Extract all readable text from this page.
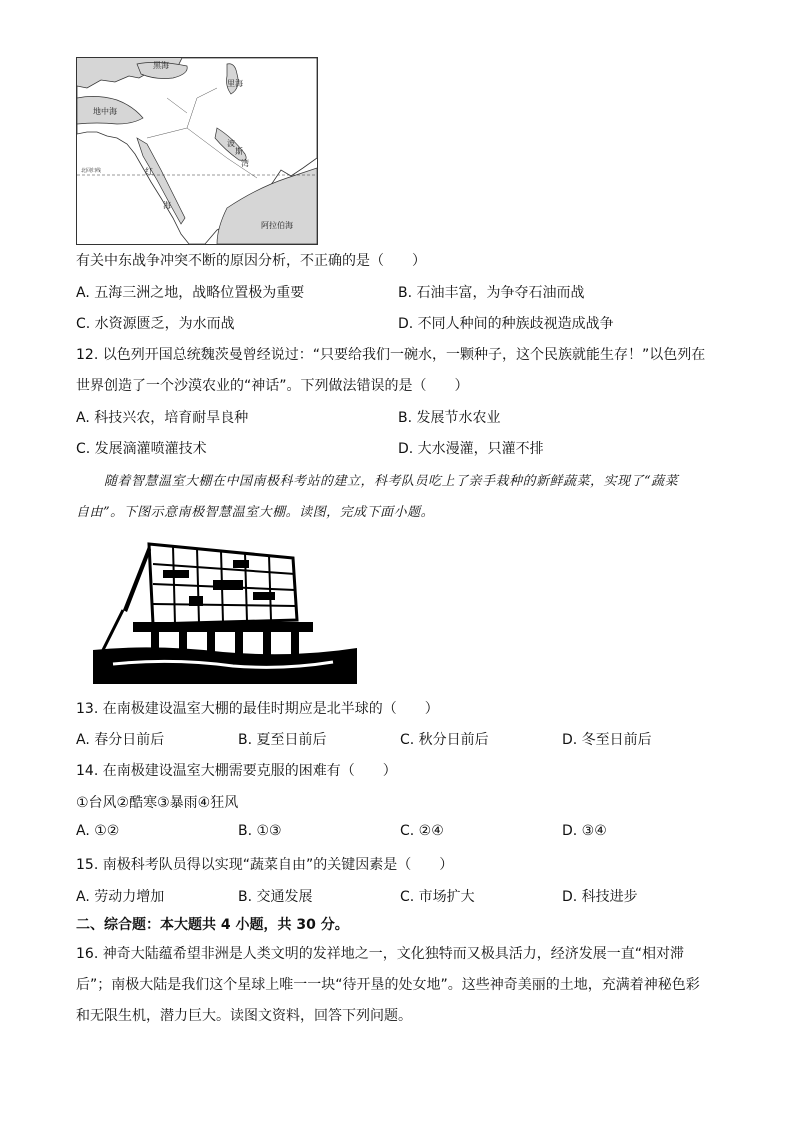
黑海
里海
地中海
波
斯
湾
红
海
阿拉伯海
北回归线
有关中东战争冲突不断的原因分析，不正确的是（　　）
A. 五海三洲之地，战略位置极为重要	B. 石油丰富，为争夺石油而战
C. 水资源匮乏，为水而战	D. 不同人种间的种族歧视造成战争
12. 以色列开国总统魏茨曼曾经说过：“只要给我们一碗水，一颗种子，这个民族就能生存！”以色列在
世界创造了一个沙漠农业的“神话”。下列做法错误的是（　　）
A. 科技兴农，培育耐旱良种	B. 发展节水农业
C. 发展滴灌喷灌技术	D. 大水漫灌，只灌不排
随着智慧温室大棚在中国南极科考站的建立，科考队员吃上了亲手栽种的新鲜蔬菜，实现了“蔬菜
自由”。下图示意南极智慧温室大棚。读图，完成下面小题。
13. 在南极建设温室大棚的最佳时期应是北半球的（　　）
A. 春分日前后	B. 夏至日前后	C. 秋分日前后	D. 冬至日前后
14. 在南极建设温室大棚需要克服的困难有（　　）
①台风②酷寒③暴雨④狂风
A. ①②	B. ①③	C. ②④	D. ③④
15. 南极科考队员得以实现“蔬菜自由”的关键因素是（　　）
A. 劳动力增加	B. 交通发展	C. 市场扩大	D. 科技进步
二、综合题：本大题共 4 小题，共 30 分。
16. 神奇大陆蕴希望非洲是人类文明的发祥地之一，文化独特而又极具活力，经济发展一直“相对滞
后”；南极大陆是我们这个星球上唯一一块“待开垦的处女地”。这些神奇美丽的土地，充满着神秘色彩
和无限生机，潜力巨大。读图文资料，回答下列问题。
